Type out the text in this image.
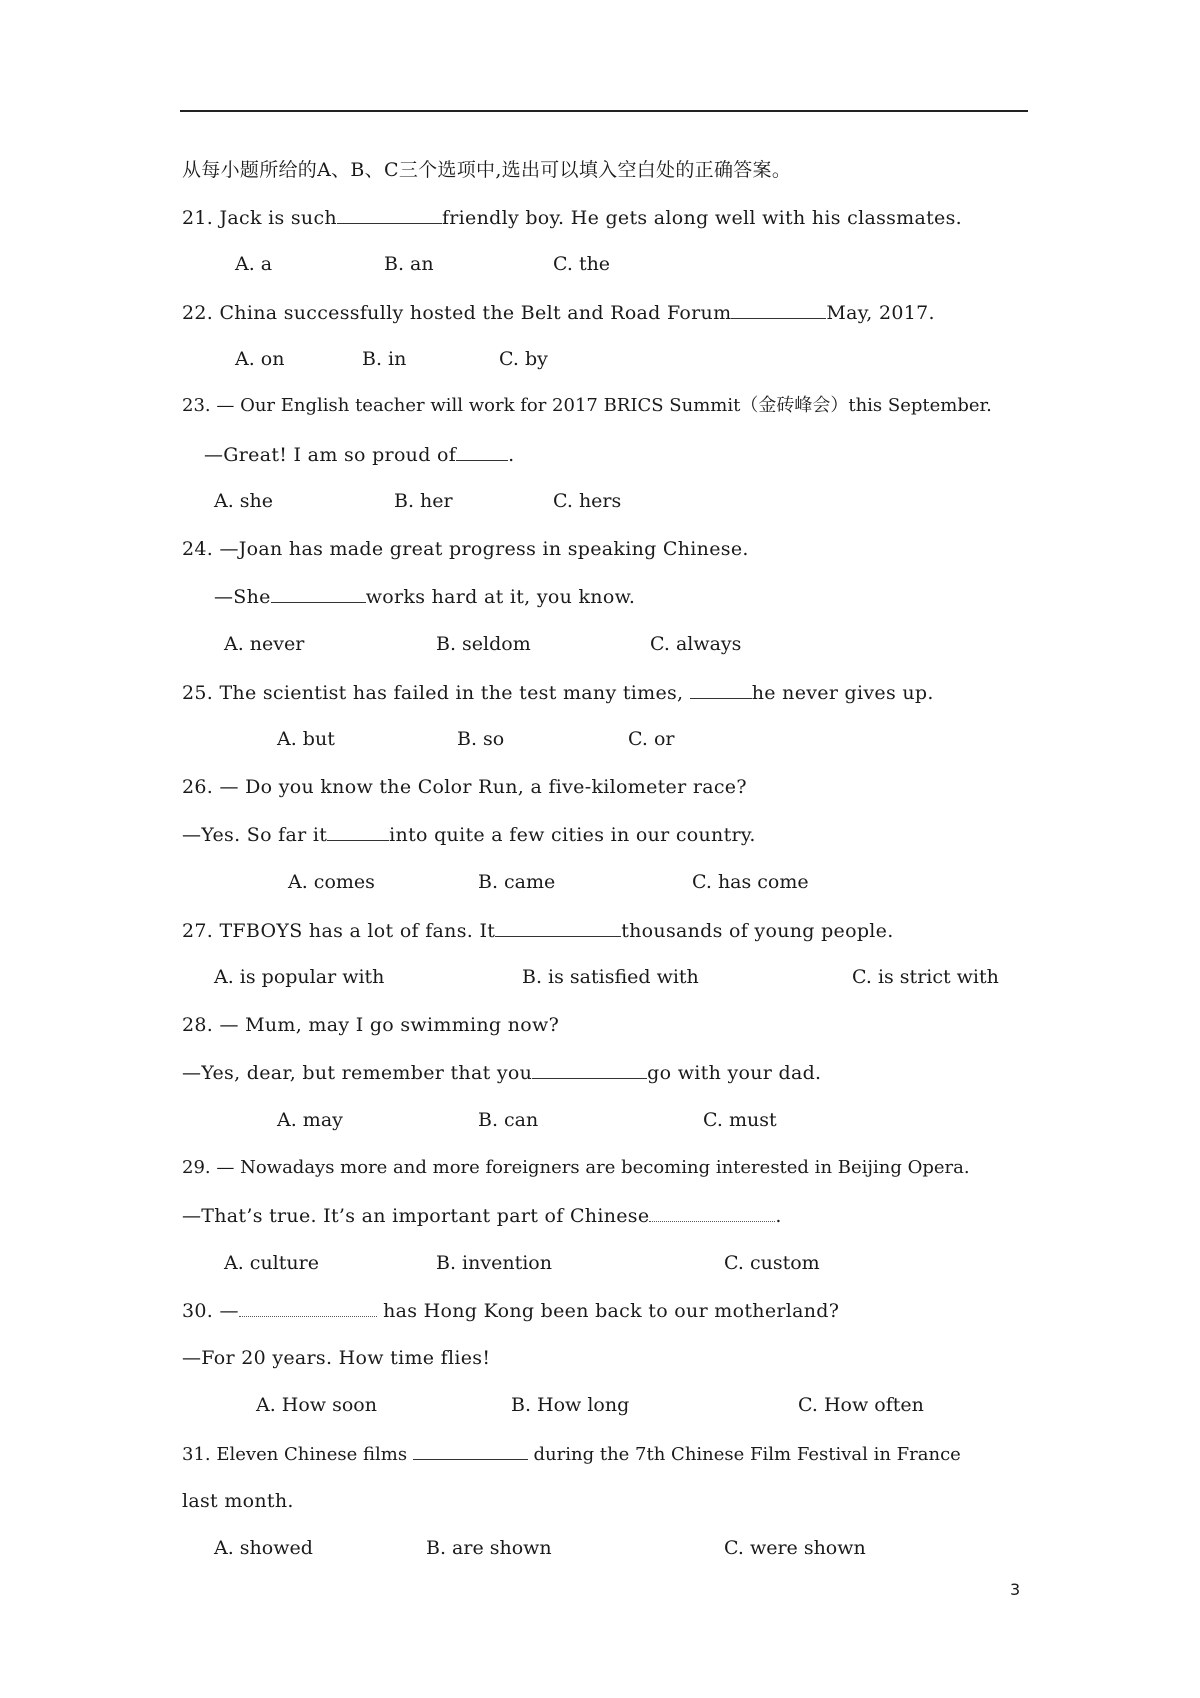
从每小题所给的A、B、C三个选项中,选出可以填入空白处的正确答案。
21. Jack is such	friendly boy. He gets along well with his classmates.
A. a	B. an	C. the
22. China successfully hosted the Belt and Road Forum	May, 2017.
A. on	B. in	C. by
23. — Our English teacher will work for 2017 BRICS Summit（金砖峰会）this September.
—Great! I am so proud of	.
A. she	B. her	C. hers
24. —Joan has made great progress in speaking Chinese.
—She	works hard at it, you know.
A. never	B. seldom	C. always
25. The scientist has failed in the test many times,	he never gives up.
A. but	B. so	C. or
26. — Do you know the Color Run, a five-kilometer race?
—Yes. So far it	into quite a few cities in our country.
A. comes	B. came	C. has come
27. TFBOYS has a lot of fans. It	thousands of young people.
A. is popular with	B. is satisfied with	C. is strict with
28. — Mum, may I go swimming now?
—Yes, dear, but remember that you	go with your dad.
A. may	B. can	C. must
29. — Nowadays more and more foreigners are becoming interested in Beijing Opera.
—That’s true. It’s an important part of Chinese	.
A. culture	B. invention	C. custom
30. —	has Hong Kong been back to our motherland?
—For 20 years. How time flies!
A. How soon	B. How long	C. How often
31. Eleven Chinese films	during the 7th Chinese Film Festival in France
last month.
A. showed	B. are shown	C. were shown
3
